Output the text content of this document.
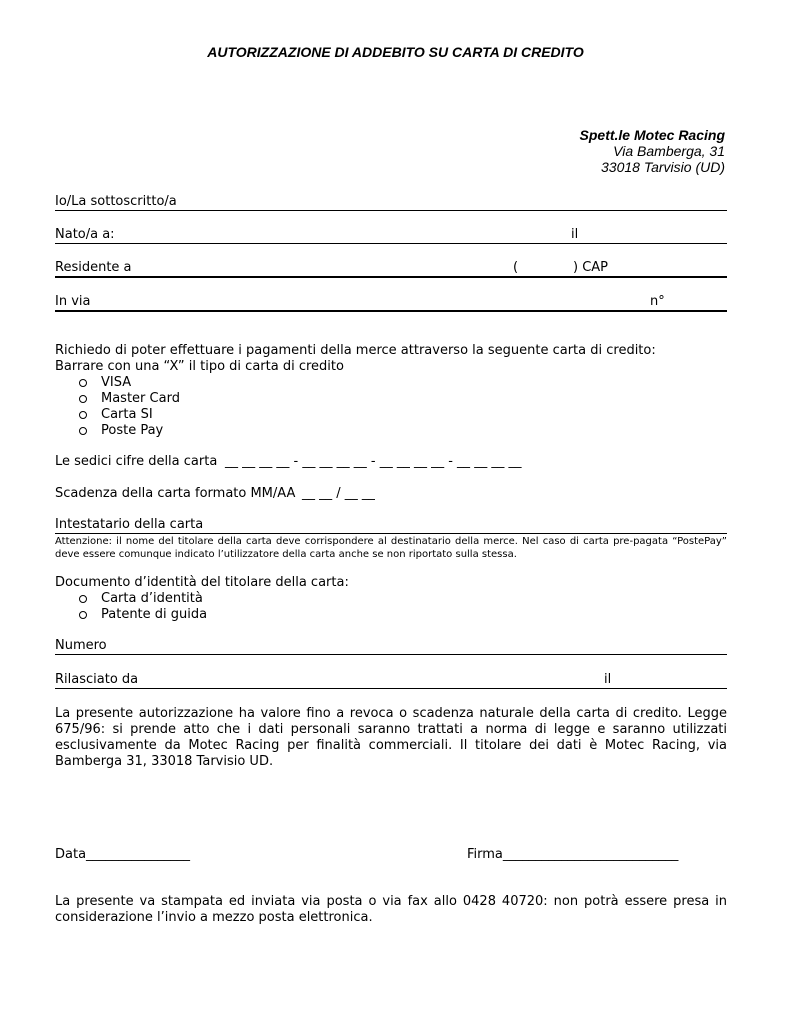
AUTORIZZAZIONE DI ADDEBITO SU CARTA DI CREDITO
Spett.le Motec Racing
Via Bamberga, 31
33018 Tarvisio (UD)
Io/La sottoscritto/a
Nato/a a:	il
Residente a	(	) CAP
In via	n°
Richiedo di poter effettuare i pagamenti della merce attraverso la seguente carta di credito:
Barrare con una “X” il tipo di carta di credito
VISA
Master Card
Carta SI
Poste Pay
Le sedici cifre della carta __ __ __ __ - __ __ __ __ - __ __ __ __ - __ __ __ __
Scadenza della carta formato MM/AA __ __ / __ __
Intestatario della carta
Attenzione: il nome del titolare della carta deve corrispondere al destinatario della merce. Nel caso di carta pre-pagata “PostePay” deve essere comunque indicato l’utilizzatore della carta anche se non riportato sulla stessa.
Documento d’identità del titolare della carta:
Carta d’identità
Patente di guida
Numero
Rilasciato da	il
La presente autorizzazione ha valore fino a revoca o scadenza naturale della carta di credito. Legge 675/96: si prende atto che i dati personali saranno trattati a norma di legge e saranno utilizzati esclusivamente da Motec Racing per finalità commerciali. Il titolare dei dati è Motec Racing, via Bamberga 31, 33018 Tarvisio UD.
Data________________	Firma___________________________
La presente va stampata ed inviata via posta o via fax allo 0428 40720: non potrà essere presa in considerazione l’invio a mezzo posta elettronica.
